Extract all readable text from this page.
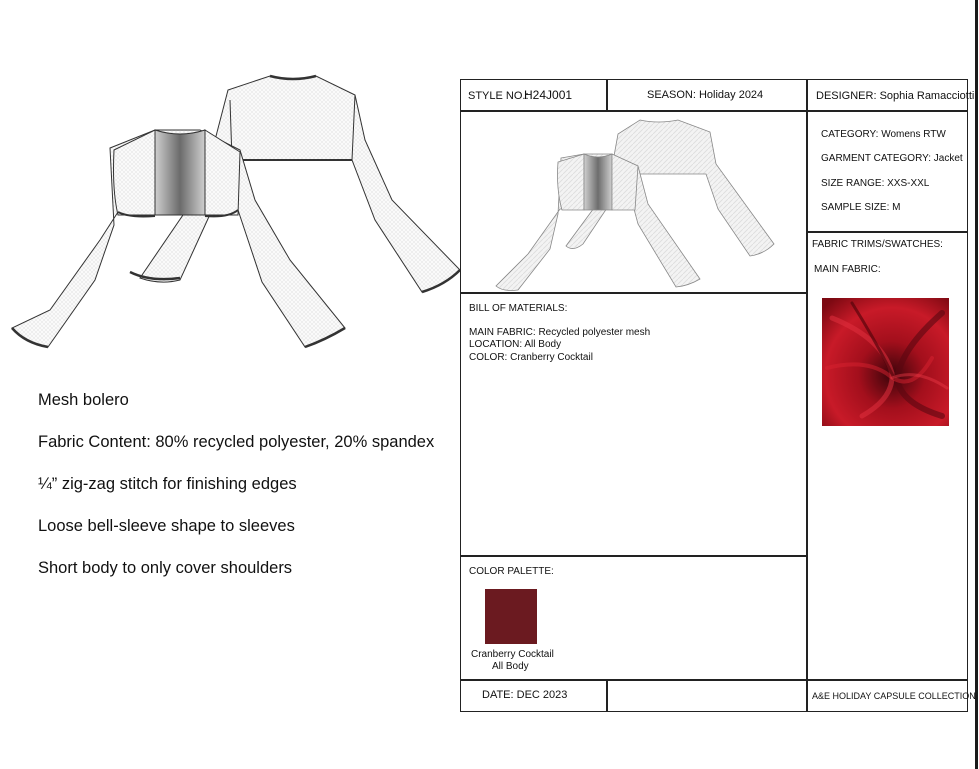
Mesh bolero
Fabric Content: 80% recycled polyester, 20% spandex
¼” zig-zag stitch for finishing edges
Loose bell-sleeve shape to sleeves
Short body to only cover shoulders
STYLE NO.:
H24J001	SEASON: Holiday 2024	DESIGNER: Sophia Ramacciotti
CATEGORY: Womens RTW
GARMENT CATEGORY: Jacket
SIZE RANGE: XXS-XXL
SAMPLE SIZE: M
FABRIC TRIMS/SWATCHES:
MAIN FABRIC:
BILL OF MATERIALS:
MAIN FABRIC: Recycled polyester mesh
LOCATION: All Body
COLOR: Cranberry Cocktail
COLOR PALETTE:
Cranberry Cocktail
All Body
DATE: DEC 2023	A&E HOLIDAY CAPSULE COLLECTION
